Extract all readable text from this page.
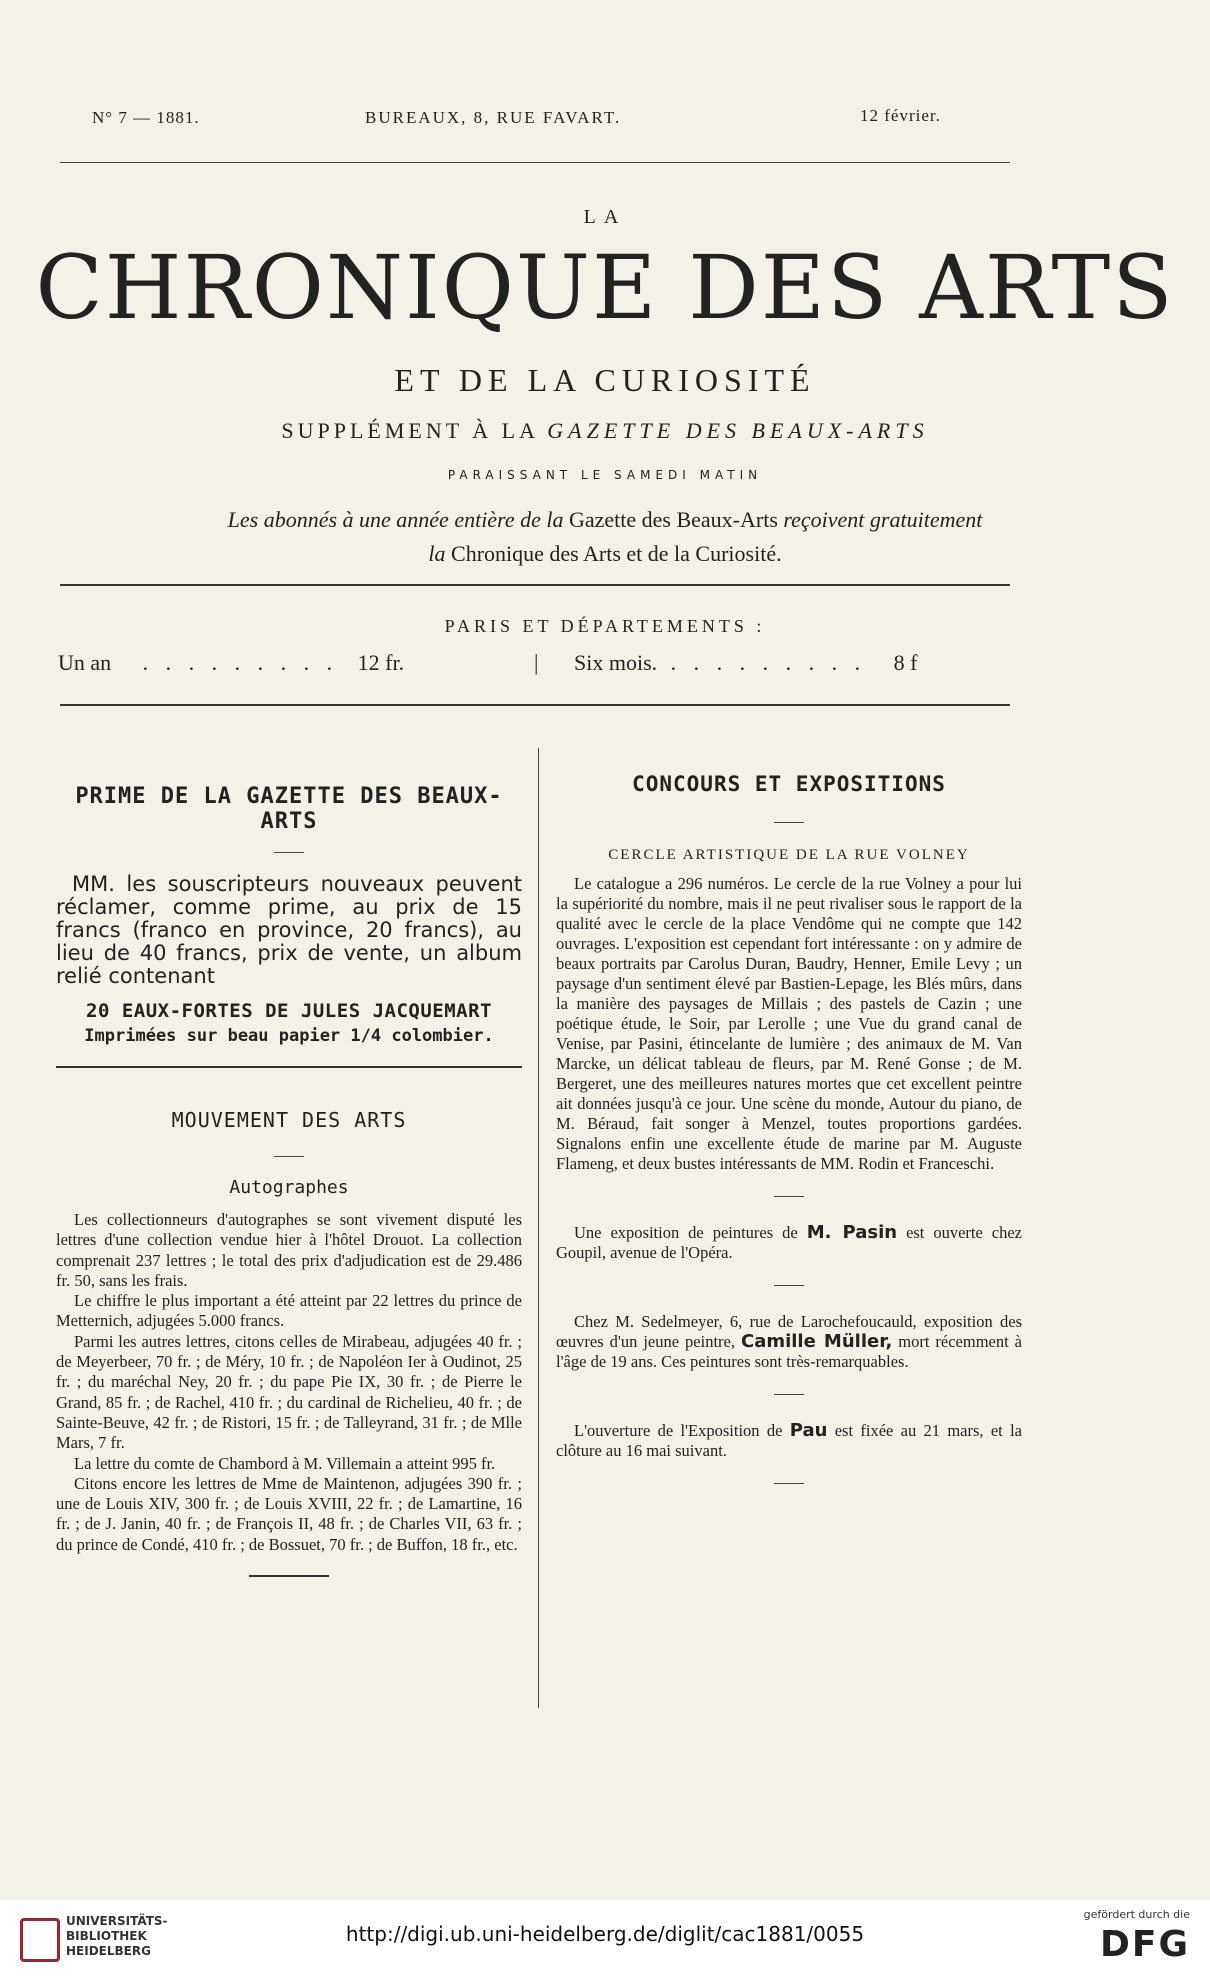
N° 7 — 1881.	BUREAUX, 8, RUE FAVART.	12 février.
LA
CHRONIQUE DES ARTS
ET DE LA CURIOSITÉ
SUPPLÉMENT À LA GAZETTE DES BEAUX-ARTS
PARAISSANT LE SAMEDI MATIN
Les abonnés à une année entière de la Gazette des Beaux-Arts reçoivent gratuitement
la Chronique des Arts et de la Curiosité.
PARIS ET DÉPARTEMENTS :
Un an . . . . . . . . . 12 fr.	| Six mois. . . . . . . . . . 8 f
PRIME DE LA GAZETTE DES BEAUX-ARTS
MM. les souscripteurs nouveaux peuvent réclamer, comme prime, au prix de 15 francs (franco en province, 20 francs), au lieu de 40 francs, prix de vente, un album relié contenant
20 EAUX-FORTES DE JULES JACQUEMART
Imprimées sur beau papier 1/4 colombier.
MOUVEMENT DES ARTS
Autographes

Les collectionneurs d'autographes se sont vivement disputé les lettres d'une collection vendue hier à l'hôtel Drouot. La collection comprenait 237 lettres ; le total des prix d'adjudication est de 29.486 fr. 50, sans les frais.

Le chiffre le plus important a été atteint par 22 lettres du prince de Metternich, adjugées 5.000 francs.

Parmi les autres lettres, citons celles de Mirabeau, adjugées 40 fr. ; de Meyerbeer, 70 fr. ; de Méry, 10 fr. ; de Napoléon Ier à Oudinot, 25 fr. ; du maréchal Ney, 20 fr. ; du pape Pie IX, 30 fr. ; de Pierre le Grand, 85 fr. ; de Rachel, 410 fr. ; du cardinal de Richelieu, 40 fr. ; de Sainte-Beuve, 42 fr. ; de Ristori, 15 fr. ; de Talleyrand, 31 fr. ; de Mlle Mars, 7 fr.

La lettre du comte de Chambord à M. Villemain a atteint 995 fr.

Citons encore les lettres de Mme de Maintenon, adjugées 390 fr. ; une de Louis XIV, 300 fr. ; de Louis XVIII, 22 fr. ; de Lamartine, 16 fr. ; de J. Janin, 40 fr. ; de François II, 48 fr. ; de Charles VII, 63 fr. ; du prince de Condé, 410 fr. ; de Bossuet, 70 fr. ; de Buffon, 18 fr., etc.

CONCOURS ET EXPOSITIONS
CERCLE ARTISTIQUE DE LA RUE VOLNEY

Le catalogue a 296 numéros. Le cercle de la rue Volney a pour lui la supériorité du nombre, mais il ne peut rivaliser sous le rapport de la qualité avec le cercle de la place Vendôme qui ne compte que 142 ouvrages. L'exposition est cependant fort intéressante : on y admire de beaux portraits par Carolus Duran, Baudry, Henner, Emile Levy ; un paysage d'un sentiment élevé par Bastien-Lepage, les Blés mûrs, dans la manière des paysages de Millais ; des pastels de Cazin ; une poétique étude, le Soir, par Lerolle ; une Vue du grand canal de Venise, par Pasini, étincelante de lumière ; des animaux de M. Van Marcke, un délicat tableau de fleurs, par M. René Gonse ; de M. Bergeret, une des meilleures natures mortes que cet excellent peintre ait données jusqu'à ce jour. Une scène du monde, Autour du piano, de M. Béraud, fait songer à Menzel, toutes proportions gardées. Signalons enfin une excellente étude de marine par M. Auguste Flameng, et deux bustes intéressants de MM. Rodin et Franceschi.

Une exposition de peintures de M. Pasin est ouverte chez Goupil, avenue de l'Opéra.
Chez M. Sedelmeyer, 6, rue de Larochefoucauld, exposition des œuvres d'un jeune peintre, Camille Müller, mort récemment à l'âge de 19 ans. Ces peintures sont très-remarquables.
L'ouverture de l'Exposition de Pau est fixée au 21 mars, et la clôture au 16 mai suivant.
UNIVERSITÄTS-
BIBLIOTHEK
HEIDELBERG
http://digi.ub.uni-heidelberg.de/diglit/cac1881/0055
gefördert durch die
DFG
